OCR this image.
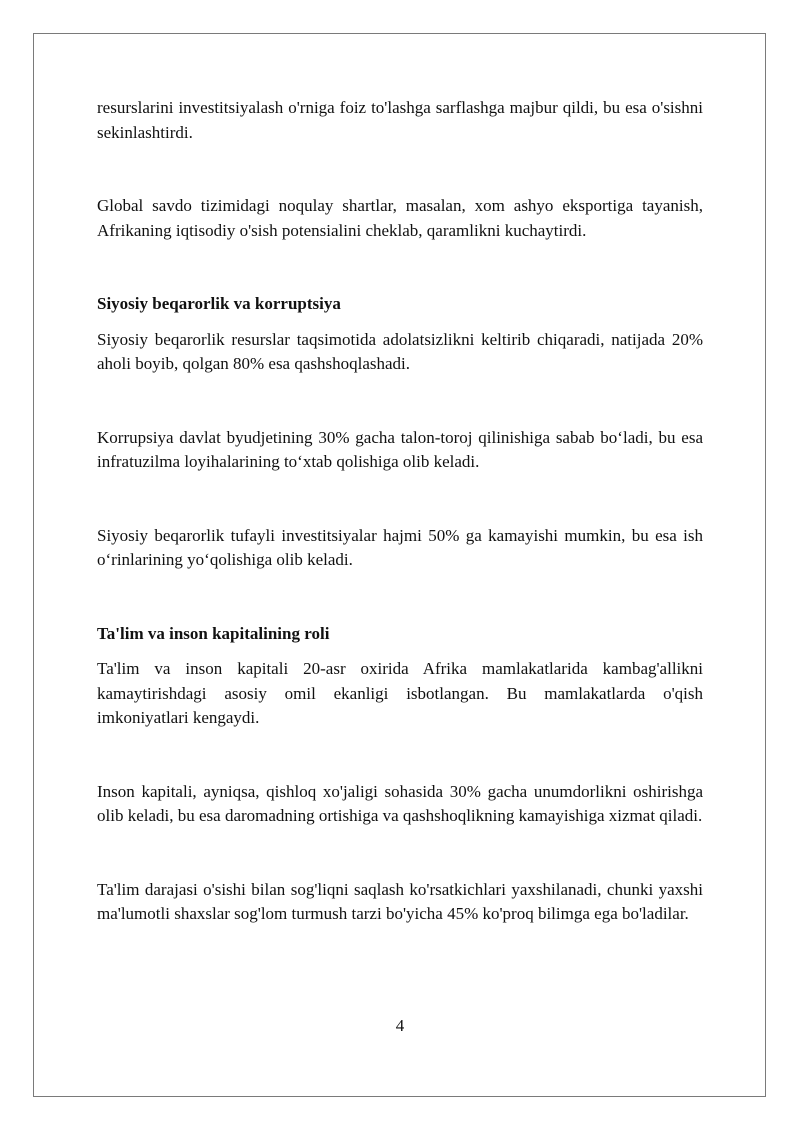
resurslarini investitsiyalash o'rniga foiz to'lashga sarflashga majbur qildi, bu esa o'sishni sekinlashtirdi.

Global savdo tizimidagi noqulay shartlar, masalan, xom ashyo eksportiga tayanish, Afrikaning iqtisodiy o'sish potensialini cheklab, qaramlikni kuchaytirdi.

Siyosiy beqarorlik va korruptsiya

Siyosiy beqarorlik resurslar taqsimotida adolatsizlikni keltirib chiqaradi, natijada 20% aholi boyib, qolgan 80% esa qashshoqlashadi.

Korrupsiya davlat byudjetining 30% gacha talon-toroj qilinishiga sabab bo‘ladi, bu esa infratuzilma loyihalarining to‘xtab qolishiga olib keladi.

Siyosiy beqarorlik tufayli investitsiyalar hajmi 50% ga kamayishi mumkin, bu esa ish o‘rinlarining yo‘qolishiga olib keladi.

Ta'lim va inson kapitalining roli

Ta'lim va inson kapitali 20-asr oxirida Afrika mamlakatlarida kambag'allikni kamaytirishdagi asosiy omil ekanligi isbotlangan. Bu mamlakatlarda o'qish imkoniyatlari kengaydi.

Inson kapitali, ayniqsa, qishloq xo'jaligi sohasida 30% gacha unumdorlikni oshirishga olib keladi, bu esa daromadning ortishiga va qashshoqlikning kamayishiga xizmat qiladi.

Ta'lim darajasi o'sishi bilan sog'liqni saqlash ko'rsatkichlari yaxshilanadi, chunki yaxshi ma'lumotli shaxslar sog'lom turmush tarzi bo'yicha 45% ko'proq bilimga ega bo'ladilar.

4
